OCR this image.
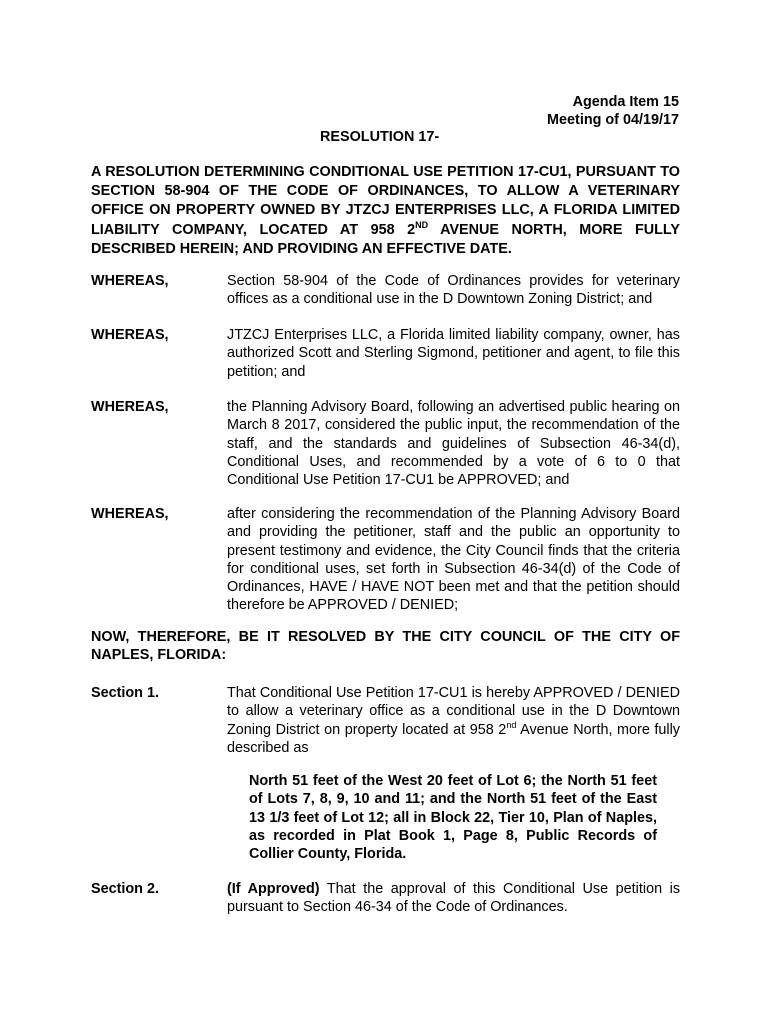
Agenda Item 15
Meeting of 04/19/17
RESOLUTION 17-
A RESOLUTION DETERMINING CONDITIONAL USE PETITION 17-CU1, PURSUANT TO SECTION 58-904 OF THE CODE OF ORDINANCES, TO ALLOW A VETERINARY OFFICE ON PROPERTY OWNED BY JTZCJ ENTERPRISES LLC, A FLORIDA LIMITED LIABILITY COMPANY, LOCATED AT 958 2ND AVENUE NORTH, MORE FULLY DESCRIBED HEREIN; AND PROVIDING AN EFFECTIVE DATE.
WHEREAS,	Section 58-904 of the Code of Ordinances provides for veterinary offices as a conditional use in the D Downtown Zoning District; and
WHEREAS,	JTZCJ Enterprises LLC, a Florida limited liability company, owner, has authorized Scott and Sterling Sigmond, petitioner and agent, to file this petition; and
WHEREAS,	the Planning Advisory Board, following an advertised public hearing on March 8 2017, considered the public input, the recommendation of the staff, and the standards and guidelines of Subsection 46-34(d), Conditional Uses, and recommended by a vote of 6 to 0 that Conditional Use Petition 17-CU1 be APPROVED; and
WHEREAS,	after considering the recommendation of the Planning Advisory Board and providing the petitioner, staff and the public an opportunity to present testimony and evidence, the City Council finds that the criteria for conditional uses, set forth in Subsection 46-34(d) of the Code of Ordinances, HAVE / HAVE NOT been met and that the petition should therefore be APPROVED / DENIED;
NOW, THEREFORE, BE IT RESOLVED BY THE CITY COUNCIL OF THE CITY OF NAPLES, FLORIDA:
Section 1.	That Conditional Use Petition 17-CU1 is hereby APPROVED / DENIED to allow a veterinary office as a conditional use in the D Downtown Zoning District on property located at 958 2nd Avenue North, more fully described as
North 51 feet of the West 20 feet of Lot 6; the North 51 feet of Lots 7, 8, 9, 10 and 11; and the North 51 feet of the East 13 1/3 feet of Lot 12; all in Block 22, Tier 10, Plan of Naples, as recorded in Plat Book 1, Page 8, Public Records of Collier County, Florida.
Section 2.	(If Approved) That the approval of this Conditional Use petition is pursuant to Section 46-34 of the Code of Ordinances.
